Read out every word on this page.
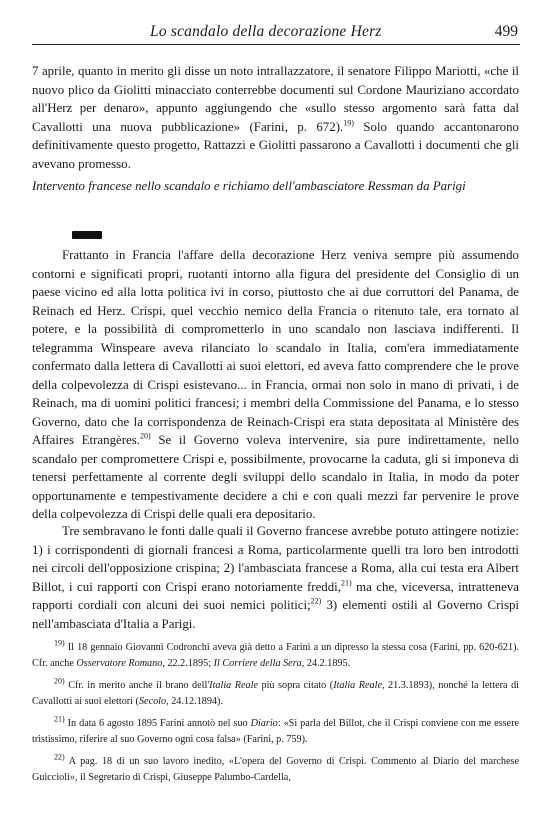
Lo scandalo della decorazione Herz	499

7 aprile, quanto in merito gli disse un noto intrallazzatore, il senatore Filippo Mariotti, «che il nuovo plico da Giolitti minacciato conterrebbe documenti sul Cordone Mauriziano accordato all'Herz per denaro», appunto aggiungendo che «sullo stesso argomento sarà fatta dal Cavallotti una nuova pubblicazione» (Farini, p. 672).$^{19)}$ Solo quando accantonarono definitivamente questo progetto, Rattazzi e Giolitti passarono a Cavallotti i documenti che gli avevano promesso.

Intervento francese nello scandalo e richiamo dell'ambasciatore Ressman da Parigi

Frattanto in Francia l'affare della decorazione Herz veniva sempre più assumendo contorni e significati propri, ruotanti intorno alla figura del presidente del Consiglio di un paese vicino ed alla lotta politica ivi in corso, piuttosto che ai due corruttori del Panama, de Reinach ed Herz. Crispi, quel vecchio nemico della Francia o ritenuto tale, era tornato al potere, e la possibilità di comprometterlo in uno scandalo non lasciava indifferenti. Il telegramma Winspeare aveva rilanciato lo scandalo in Italia, com'era immediatamente confermato dalla lettera di Cavallotti ai suoi elettori, ed aveva fatto comprendere che le prove della colpevolezza di Crispi esistevano... in Francia, ormai non solo in mano di privati, i de Reinach, ma di uomini politici francesi; i membri della Commissione del Panama, e lo stesso Governo, dato che la corrispondenza de Reinach-Crispi era stata depositata al Ministère des Affaires Etrangères.$^{20)}$ Se il Governo voleva intervenire, sia pure indirettamente, nello scandalo per compromettere Crispi e, possibilmente, provocarne la caduta, gli si imponeva di tenersi perfettamente al corrente degli sviluppi dello scandalo in Italia, in modo da poter opportunamente e tempestivamente decidere a chi e con quali mezzi far pervenire le prove della colpevolezza di Crispi delle quali era depositario.

Tre sembravano le fonti dalle quali il Governo francese avrebbe potuto attingere notizie: 1) i corrispondenti di giornali francesi a Roma, particolarmente quelli tra loro ben introdotti nei circoli dell'opposizione crispina; 2) l'ambasciata francese a Roma, alla cui testa era Albert Billot, i cui rapporti con Crispi erano notoriamente freddi,$^{21)}$ ma che, viceversa, intratteneva rapporti cordiali con alcuni dei suoi nemici politici;$^{22)}$ 3) elementi ostili al Governo Crispi nell'ambasciata d'Italia a Parigi.

$^{19)}$ Il 18 gennaio Giovanni Codronchi aveva già detto a Farini a un dipresso la stessa cosa (Farini, pp. 620-621). Cfr. anche Osservatore Romano, 22.2.1895; Il Corriere della Sera, 24.2.1895.

$^{20)}$ Cfr. in merito anche il brano dell'Italia Reale più sopra citato (Italia Reale, 21.3.1893), nonché la lettera di Cavallotti ai suoi elettori (Secolo, 24.12.1894).

$^{21)}$ In data 6 agosto 1895 Farini annotò nel suo Diario: «Si parla del Billot, che il Crispi conviene con me essere tristissimo, riferire al suo Governo ogni cosa falsa» (Farini, p. 759).

$^{22)}$ A pag. 18 di un suo lavoro inedito, «L'opera del Governo di Crispi. Commento al Diario del marchese Guiccioli», il Segretario di Crispi, Giuseppe Palumbo-Cardella,
